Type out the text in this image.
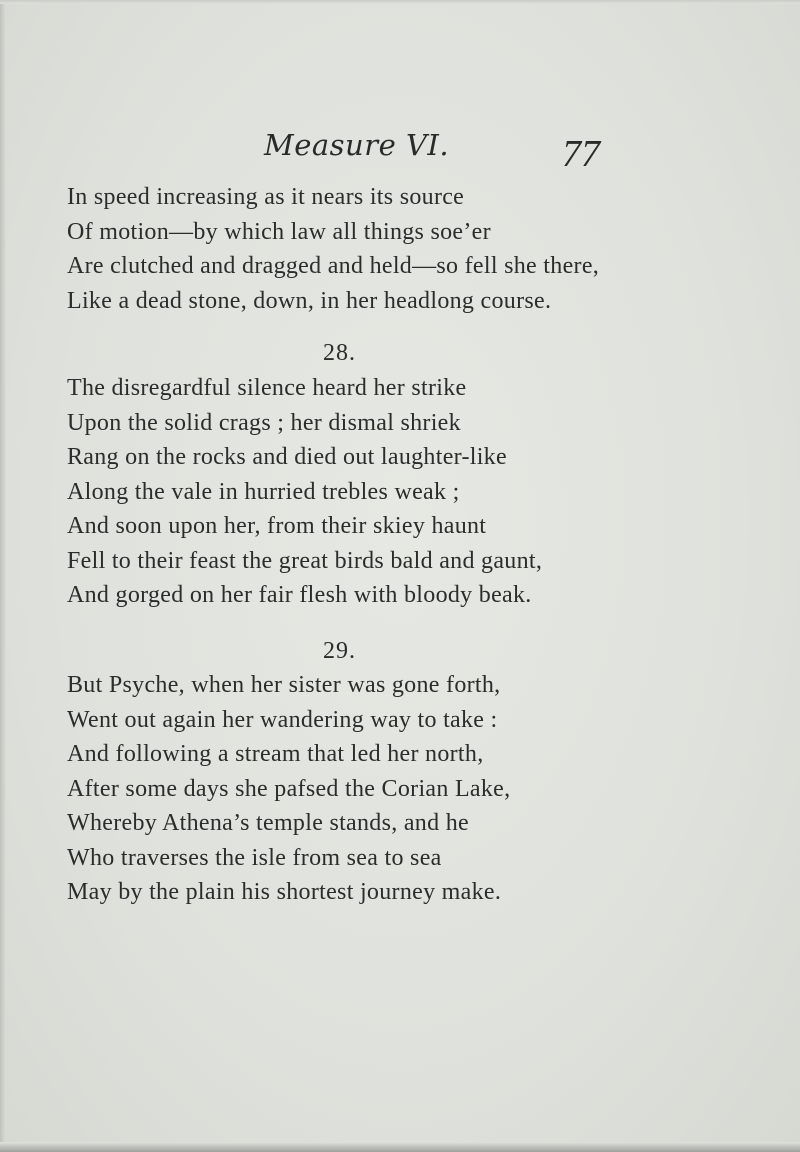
Measure VI.	77
In speed increasing as it nears its source
Of motion—by which law all things soe’er
Are clutched and dragged and held—so fell she there,
Like a dead stone, down, in her headlong course.
28.
The disregardful silence heard her strike
Upon the solid crags ; her dismal shriek
Rang on the rocks and died out laughter-like
Along the vale in hurried trebles weak ;
And soon upon her, from their skiey haunt
Fell to their feast the great birds bald and gaunt,
And gorged on her fair flesh with bloody beak.
29.
But Psyche, when her sister was gone forth,
Went out again her wandering way to take :
And following a stream that led her north,
After some days she pafsed the Corian Lake,
Whereby Athena’s temple stands, and he
Who traverses the isle from sea to sea
May by the plain his shortest journey make.
